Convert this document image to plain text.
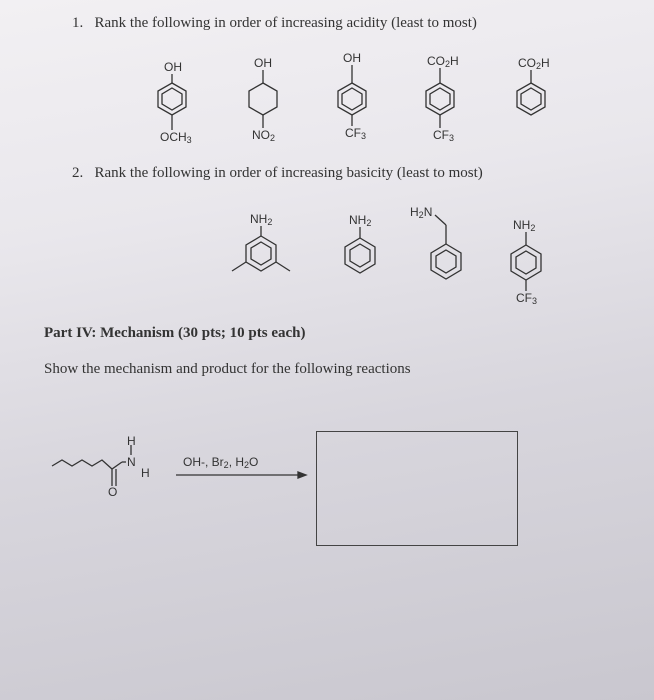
1. Rank the following in order of increasing acidity (least to most)
2. Rank the following in order of increasing basicity (least to most)
Part IV: Mechanism (30 pts; 10 pts each)
Show the mechanism and product for the following reactions
OH
$OCH_3$
OH
$NO_2$
OH
$CF_3$
$CO_2H$
$CF_3$
$CO_2H$
$NH_2$	$NH_2$
$H_2N$
$NH_2$
$CF_3$
H
N
H
O
OH-, $Br_2$, $H_2O$
